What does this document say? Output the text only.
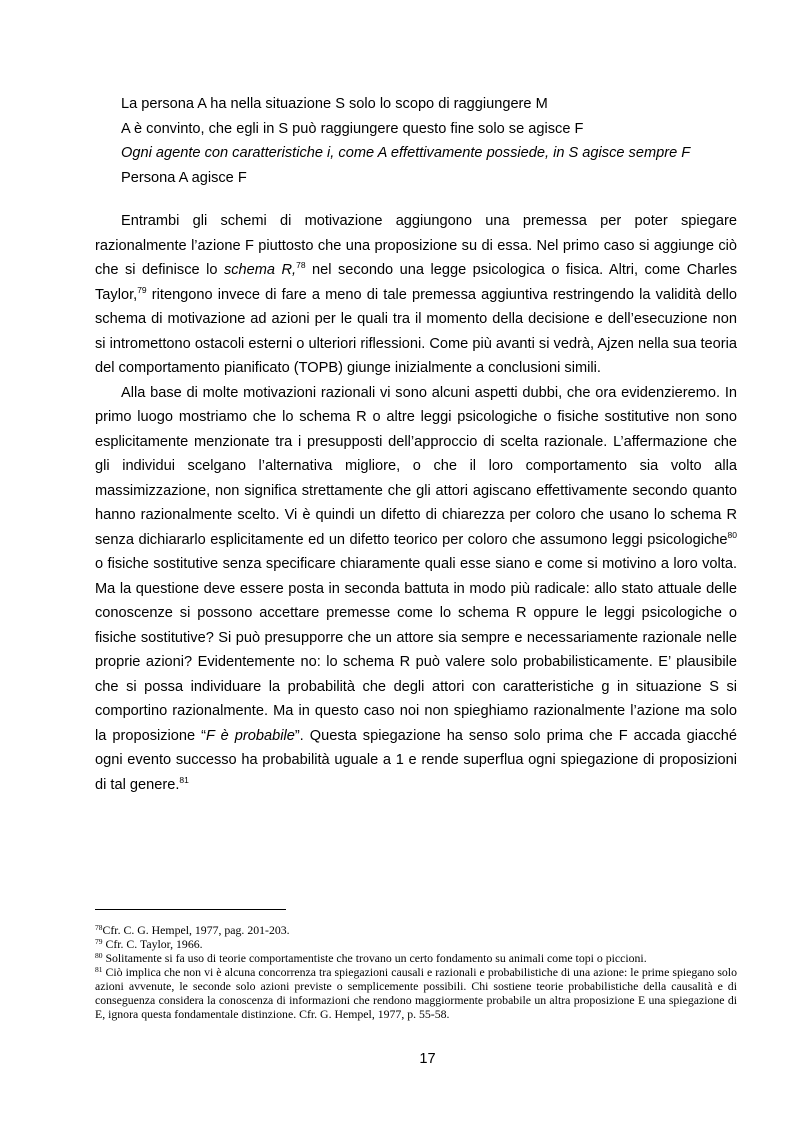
La persona A ha nella situazione S solo lo scopo di raggiungere M
A è convinto, che egli in S può raggiungere questo fine solo se agisce F
Ogni agente con caratteristiche i, come A effettivamente possiede, in S agisce sempre F
Persona A agisce F

Entrambi gli schemi di motivazione aggiungono una premessa per poter spiegare razionalmente l’azione F piuttosto che una proposizione su di essa. Nel primo caso si aggiunge ciò che si definisce lo schema R,$^{78}$ nel secondo una legge psicologica o fisica. Altri, come Charles Taylor,$^{79}$ ritengono invece di fare a meno di tale premessa aggiuntiva restringendo la validità dello schema di motivazione ad azioni per le quali tra il momento della decisione e dell’esecuzione non si intromettono ostacoli esterni o ulteriori riflessioni. Come più avanti si vedrà, Ajzen nella sua teoria del comportamento pianificato (TOPB) giunge inizialmente a conclusioni simili.

Alla base di molte motivazioni razionali vi sono alcuni aspetti dubbi, che ora evidenzieremo. In primo luogo mostriamo che lo schema R o altre leggi psicologiche o fisiche sostitutive non sono esplicitamente menzionate tra i presupposti dell’approccio di scelta razionale. L’affermazione che gli individui scelgano l’alternativa migliore, o che il loro comportamento sia volto alla massimizzazione, non significa strettamente che gli attori agiscano effettivamente secondo quanto hanno razionalmente scelto. Vi è quindi un difetto di chiarezza per coloro che usano lo schema R senza dichiararlo esplicitamente ed un difetto teorico per coloro che assumono leggi psicologiche$^{80}$ o fisiche sostitutive senza specificare chiaramente quali esse siano e come si motivino a loro volta. Ma la questione deve essere posta in seconda battuta in modo più radicale: allo stato attuale delle conoscenze si possono accettare premesse come lo schema R oppure le leggi psicologiche o fisiche sostitutive? Si può presupporre che un attore sia sempre e necessariamente razionale nelle proprie azioni? Evidentemente no: lo schema R può valere solo probabilisticamente. E’ plausibile che si possa individuare la probabilità che degli attori con caratteristiche g in situazione S si comportino razionalmente. Ma in questo caso noi non spieghiamo razionalmente l’azione ma solo la proposizione “F è probabile”. Questa spiegazione ha senso solo prima che F accada giacché ogni evento successo ha probabilità uguale a 1 e rende superflua ogni spiegazione di proposizioni di tal genere.$^{81}$

$^{78}$Cfr. C. G. Hempel, 1977, pag. 201-203.

$^{79}$ Cfr. C. Taylor, 1966.

$^{80}$ Solitamente si fa uso di teorie comportamentiste che trovano un certo fondamento su animali come topi o piccioni.

$^{81}$ Ciò implica che non vi è alcuna concorrenza tra spiegazioni causali e razionali e probabilistiche di una azione: le prime spiegano solo azioni avvenute, le seconde solo azioni previste o semplicemente possibili. Chi sostiene teorie probabilistiche della causalità e di conseguenza considera la conoscenza di informazioni che rendono maggiormente probabile un altra proposizione E una spiegazione di E, ignora questa fondamentale distinzione. Cfr. G. Hempel, 1977, p. 55-58.

17
